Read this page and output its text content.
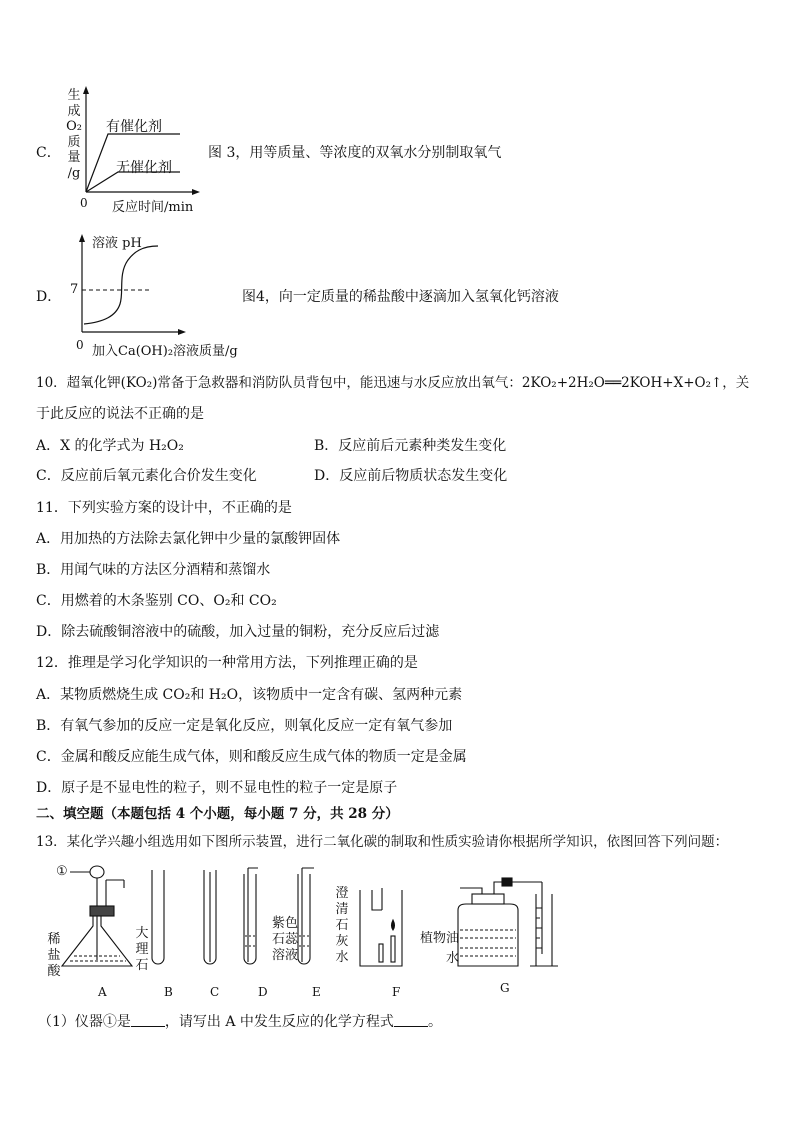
C．
生
成
O₂
质
量
/g
有催化剂
无催化剂
0 反应时间/min
图 3，用等质量、等浓度的双氧水分别制取氧气
D．
溶液 pH
7
0 加入Ca(OH)₂溶液质量/g
图4，向一定质量的稀盐酸中逐滴加入氢氧化钙溶液
10．超氧化钾(KO₂)常备于急救器和消防队员背包中，能迅速与水反应放出氧气：2KO₂+2H₂O══2KOH+X+O₂↑，关
于此反应的说法不正确的是
A．X 的化学式为 H₂O₂	B．反应前后元素种类发生变化
C．反应前后氧元素化合价发生变化	D．反应前后物质状态发生变化
11．下列实验方案的设计中，不正确的是
A．用加热的方法除去氯化钾中少量的氯酸钾固体
B．用闻气味的方法区分酒精和蒸馏水
C．用燃着的木条鉴别 CO、O₂和 CO₂
D．除去硫酸铜溶液中的硫酸，加入过量的铜粉，充分反应后过滤
12．推理是学习化学知识的一种常用方法，下列推理正确的是
A．某物质燃烧生成 CO₂和 H₂O，该物质中一定含有碳、氢两种元素
B．有氧气参加的反应一定是氧化反应，则氧化反应一定有氧气参加
C．金属和酸反应能生成气体，则和酸反应生成气体的物质一定是金属
D．原子是不显电性的粒子，则不显电性的粒子一定是原子
二、填空题（本题包括 4 个小题，每小题 7 分，共 28 分）
13．某化学兴趣小组选用如下图所示装置，进行二氧化碳的制取和性质实验请你根据所学知识，依图回答下列问题：
①
稀
盐
酸
大
理
石
紫色
石蕊
溶液
澄
清
石
灰
水
植物油
水
A	B	C	D	E	F	G
（1）仪器①是 ，请写出 A 中发生反应的化学方程式 。
